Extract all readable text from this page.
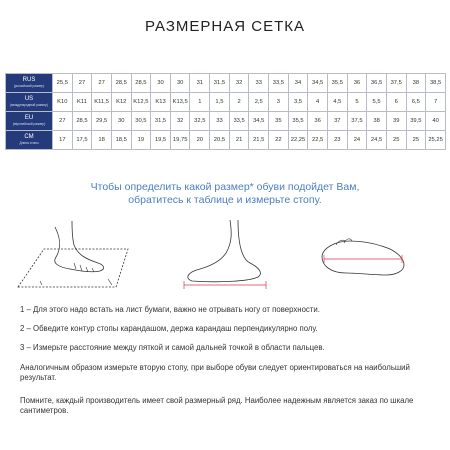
РАЗМЕРНАЯ СЕТКА
RUS
(российский размер)	25,5	27	27	28,5	28,5	30	30	31	31,5	32	33	33,5	34	34,5	35,5	36	36,5	37,5	38	38,5

US
(международный размер)	K10	K11	K11,5	K12	K12,5	K13	K13,5	1	1,5	2	2,5	3	3,5	4	4,5	5	5,5	6	6,5	7

EU
(европейский размер)	27	28,5	29,5	30	30,5	31,5	32	32,5	33	33,5	34,5	35	35,5	36	37	37,5	38	39	39,5	40

CM
Длина стопы	17	17,5	18	18,5	19	19,5	19,75	20	20,5	21	21,5	22	22,25	22,5	23	24	24,5	25	25	25,25
Чтобы определить какой размер* обуви подойдет Вам,
обратитесь к таблице и измерьте стопу.

1 – Для этого надо встать на лист бумаги, важно не отрывать ногу от поверхности.

2 – Обведите контур стопы карандашом, держа карандаш перпендикулярно полу.

3 – Измерьте расстояние между пяткой и самой дальней точкой в области пальцев.

Аналогичным образом измерьте вторую стопу, при выборе обуви следует ориентироваться на наибольший результат.

Помните, каждый производитель имеет свой размерный ряд. Наиболее надежным является заказ по шкале сантиметров.
